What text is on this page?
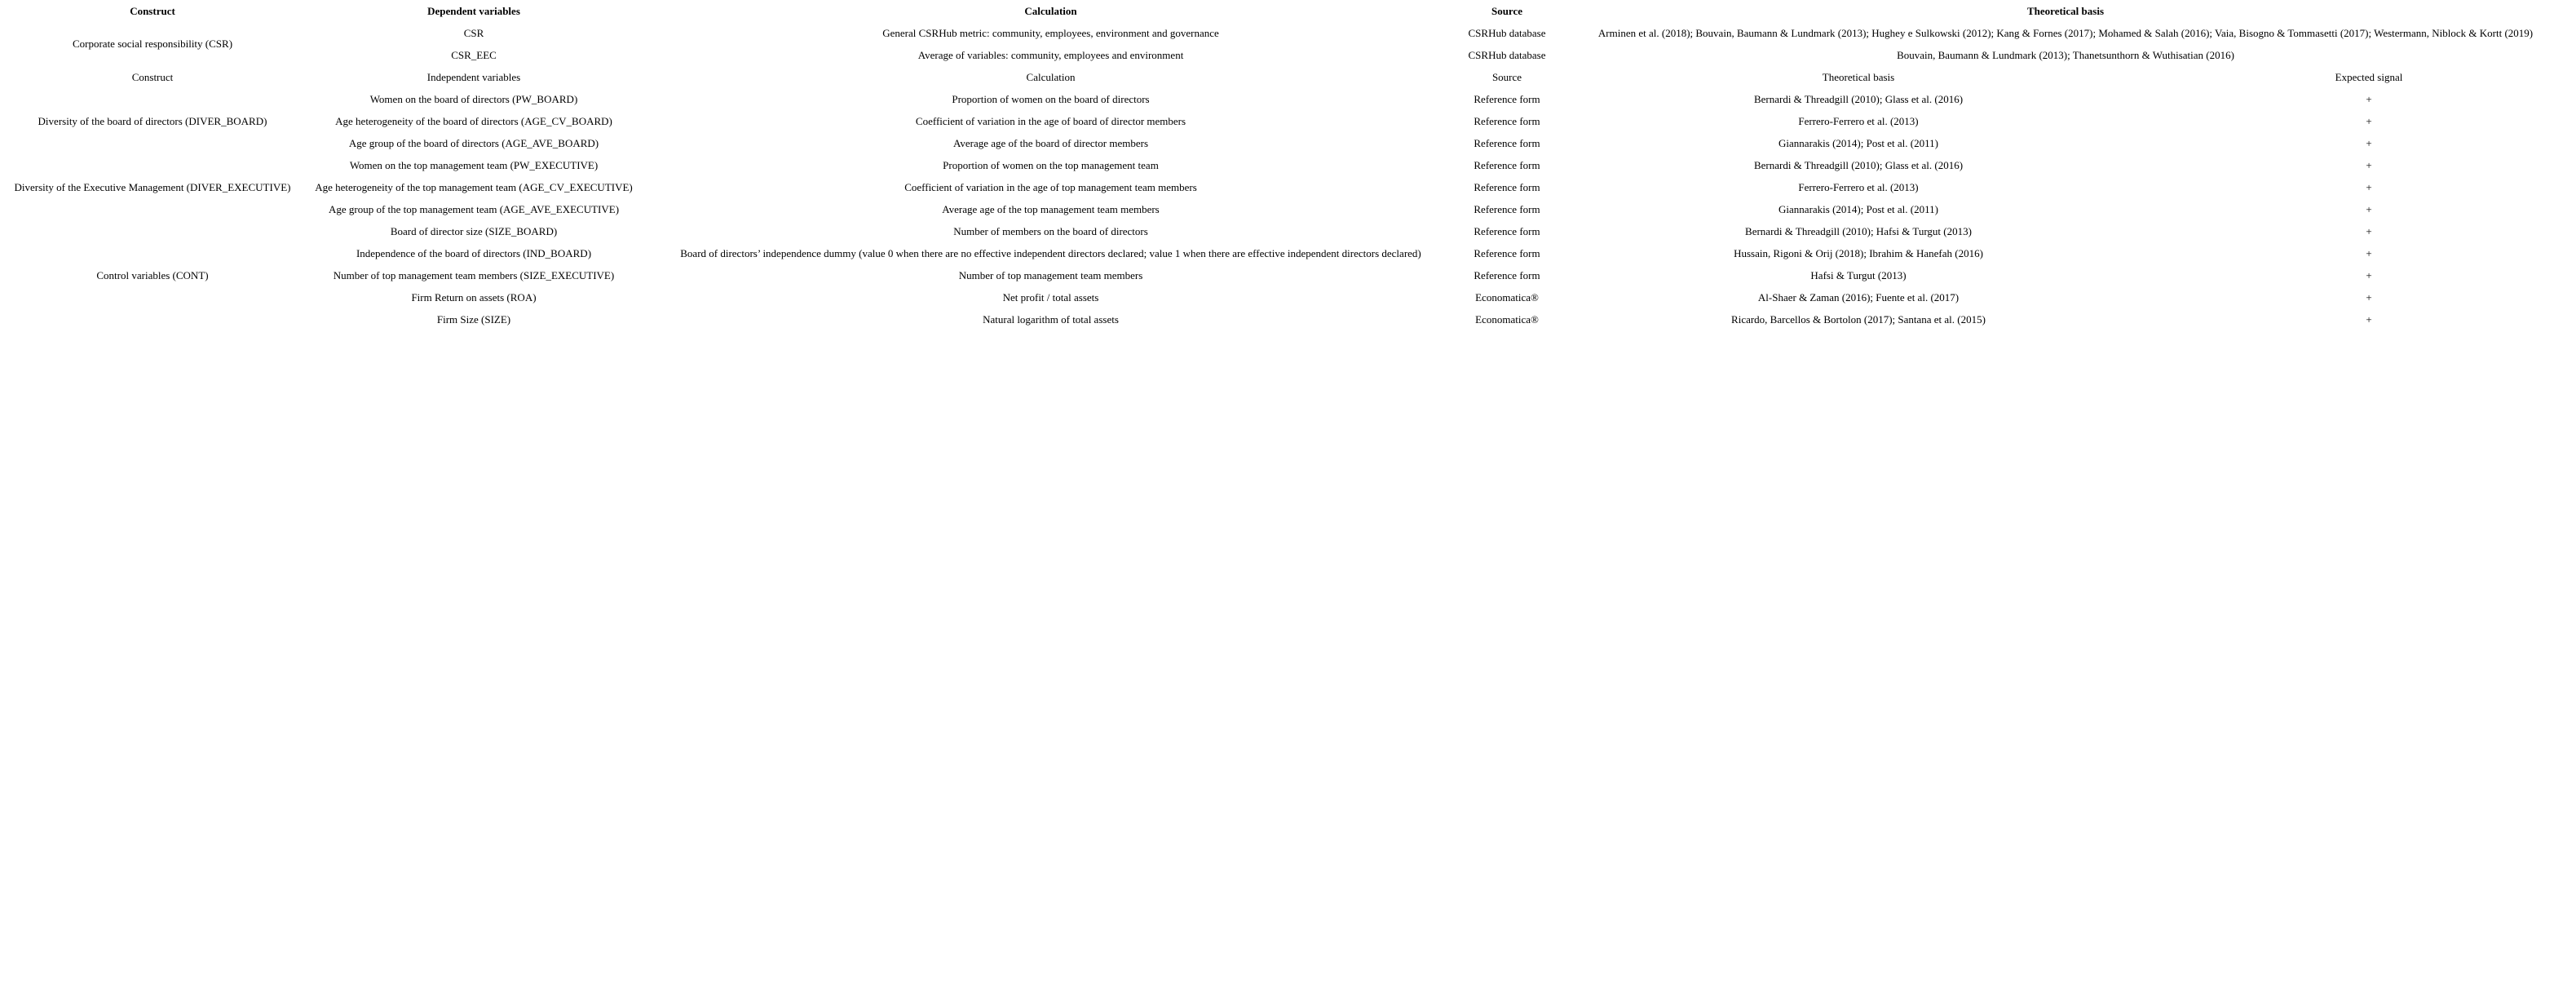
Construct	Dependent variables	Calculation	Source	Theoretical basis	
Corporate social responsibility (CSR)	CSR	General CSRHub metric: community, employees, environment and governance	CSRHub database	Arminen et al. (2018); Bouvain, Baumann & Lundmark (2013); Hughey e Sulkowski (2012); Kang & Fornes (2017); Mohamed & Salah (2016); Vaia, Bisogno & Tommasetti (2017); Westermann, Niblock & Kortt (2019)	
	CSR_EEC	Average of variables: community, employees and environment	CSRHub database	Bouvain, Baumann & Lundmark (2013); Thanetsunthorn & Wuthisatian (2016)	
Construct	Independent variables	Calculation	Source	Theoretical basis	Expected signal
Diversity of the board of directors (DIVER_BOARD)	Women on the board of directors (PW_BOARD)	Proportion of women on the board of directors	Reference form	Bernardi & Threadgill (2010); Glass et al. (2016)	+
	Age heterogeneity of the board of directors (AGE_CV_BOARD)	Coefficient of variation in the age of board of director members	Reference form	Ferrero-Ferrero et al. (2013)	+
	Age group of the board of directors (AGE_AVE_BOARD)	Average age of the board of director members	Reference form	Giannarakis (2014); Post et al. (2011)	+
Diversity of the Executive Management (DIVER_EXECUTIVE)	Women on the top management team (PW_EXECUTIVE)	Proportion of women on the top management team	Reference form	Bernardi & Threadgill (2010); Glass et al. (2016)	+
	Age heterogeneity of the top management team (AGE_CV_EXECUTIVE)	Coefficient of variation in the age of top management team members	Reference form	Ferrero-Ferrero et al. (2013)	+
	Age group of the top management team (AGE_AVE_EXECUTIVE)	Average age of the top management team members	Reference form	Giannarakis (2014); Post et al. (2011)	+
Control variables (CONT)	Board of director size (SIZE_BOARD)	Number of members on the board of directors	Reference form	Bernardi & Threadgill (2010); Hafsi & Turgut (2013)	+
	Independence of the board of directors (IND_BOARD)	Board of directors’ independence dummy (value 0 when there are no effective independent directors declared; value 1 when there are effective independent directors declared)	Reference form	Hussain, Rigoni & Orij (2018); Ibrahim & Hanefah (2016)	+
	Number of top management team members (SIZE_EXECUTIVE)	Number of top management team members	Reference form	Hafsi & Turgut (2013)	+
	Firm Return on assets (ROA)	Net profit / total assets	Economatica®	Al-Shaer & Zaman (2016); Fuente et al. (2017)	+
	Firm Size (SIZE)	Natural logarithm of total assets	Economatica®	Ricardo, Barcellos & Bortolon (2017); Santana et al. (2015)	+
